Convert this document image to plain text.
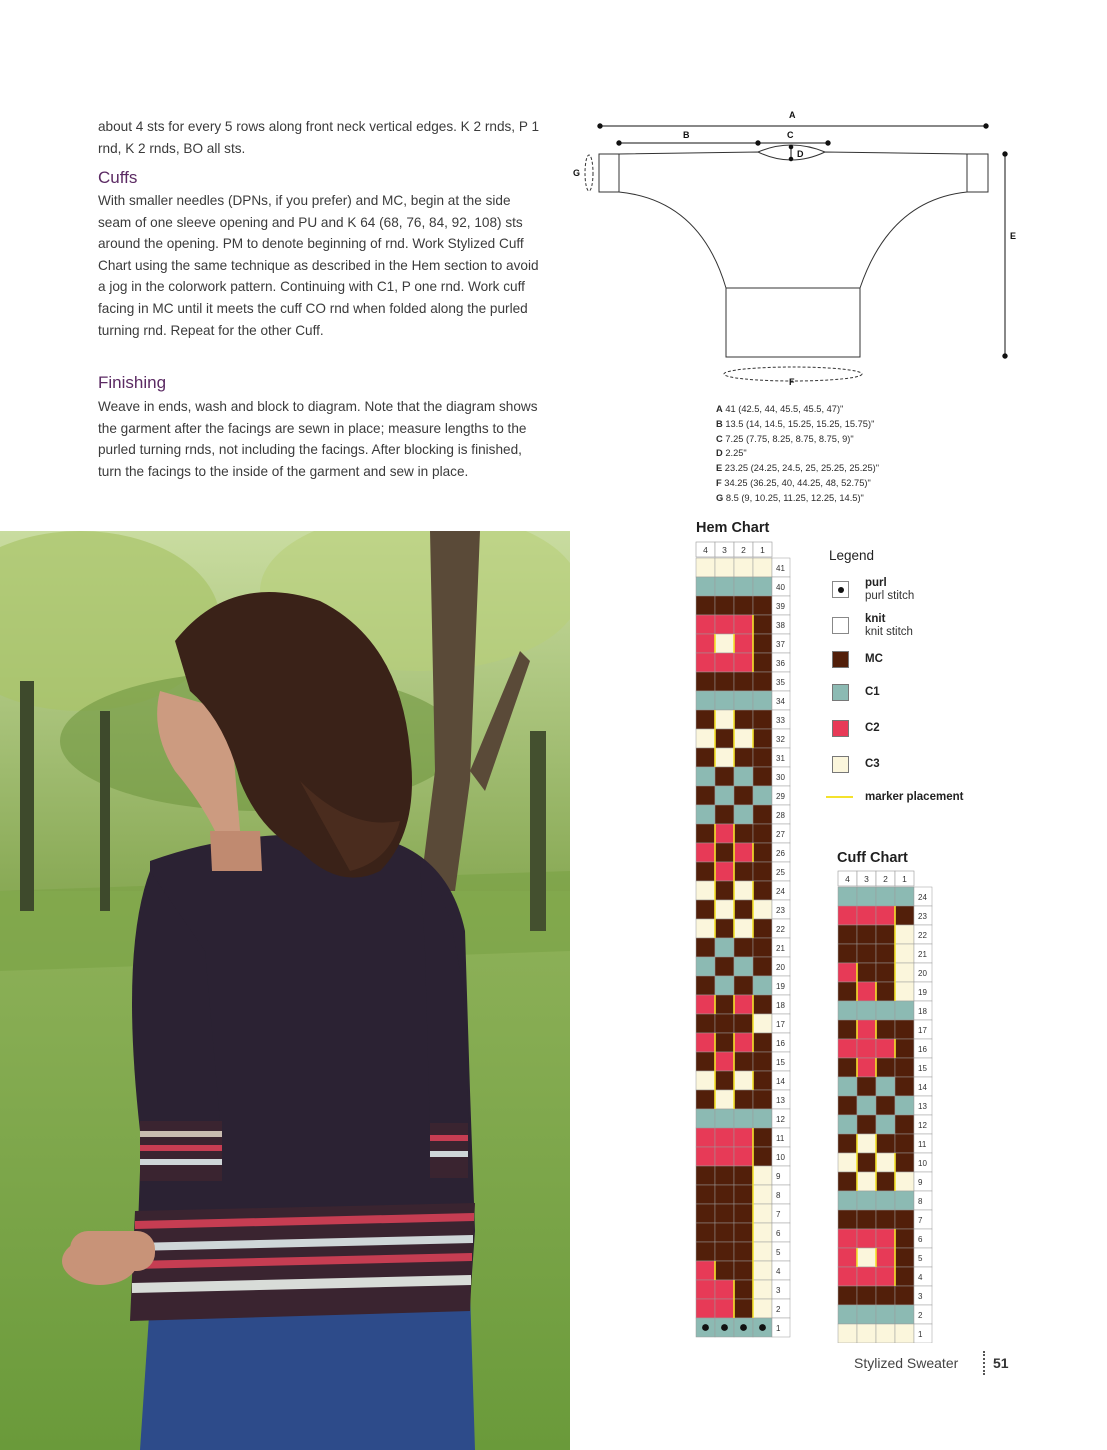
about 4 sts for every 5 rows along front neck vertical edges. K 2 rnds, P 1 rnd, K 2 rnds, BO all sts.

Cuffs

With smaller needles (DPNs, if you prefer) and MC, begin at the side seam of one sleeve opening and PU and K 64 (68, 76, 84, 92, 108) sts around the opening. PM to denote beginning of rnd. Work Stylized Cuff Chart using the same technique as described in the Hem section to avoid a jog in the colorwork pattern. Continuing with C1, P one rnd. Work cuff facing in MC until it meets the cuff CO rnd when folded along the purled turning rnd. Repeat for the other Cuff.

Finishing

Weave in ends, wash and block to diagram. Note that the diagram shows the garment after the facings are sewn in place; measure lengths to the purled turning rnds, not including the facings. After blocking is finished, turn the facings to the inside of the garment and sew in place.

A
B	C
D
E
F
G
A 41 (42.5, 44, 45.5, 45.5, 47)"
B 13.5 (14, 14.5, 15.25, 15.25, 15.75)"
C 7.25 (7.75, 8.25, 8.75, 8.75, 9)"
D 2.25"
E 23.25 (24.25, 24.5, 25, 25.25, 25.25)"
F 34.25 (36.25, 40, 44.25, 48, 52.75)"
G 8.5 (9, 10.25, 11.25, 12.25, 14.5)"
Hem Chart
4 3 2 1
41
40
39
38
37
36
35
34
33
32
31
30
29
28
27
26
25
24
23
22
21
20
19
18
17
16
15
14
13
12
11
10
9
8
7
6
5
4
3
2
1
Cuff Chart
4 3 2 1
24
23
22
21
20
19
18
17
16
15
14
13
12
11
10
9
8
7
6
5
4
3
2
1
Legend
purl
purl stitch
knit
knit stitch
MC
C1
C2
C3
marker placement
Stylized Sweater 51
